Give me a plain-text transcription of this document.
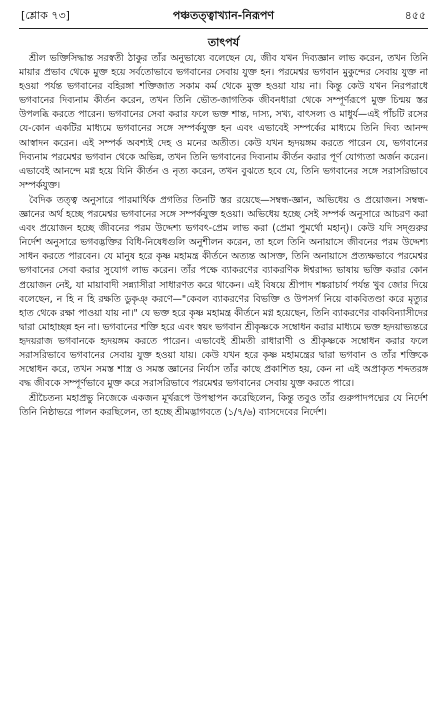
[শ্লোক ৭৩]	পঞ্চতত্ত্বাখ্যান-নিরূপণ	৪৫৫
তাৎপর্য

শ্রীল ভক্তিসিদ্ধান্ত সরস্বতী ঠাকুর তাঁর অনুভাষ্যে বলেছেন যে, জীব যখন দিব্যজ্ঞান লাভ করেন, তখন তিনি মায়ার প্রভাব থেকে মুক্ত হয়ে সর্বতোভাবে ভগবানের সেবায় যুক্ত হন। পরমেশ্বর ভগবান মুকুন্দের সেবায় যুক্ত না হওয়া পর্যন্ত ভগবানের বহিরঙ্গা শক্তিজাত সকাম কর্ম থেকে মুক্ত হওয়া যায় না। কিন্তু কেউ যখন নিরপরাধে ভগবানের দিব্যনাম কীর্তন করেন, তখন তিনি ভৌত-জাগতিক জীবনধারা থেকে সম্পূর্ণরূপে মুক্ত চিন্ময় স্তর উপলব্ধি করতে পারেন। ভগবানের সেবা করার ফলে ভক্ত শান্ত, দাস্য, সখ্য, বাৎসল্য ও মাধুর্য—এই পাঁচটি রসের যে-কোন একটির মাধ্যমে ভগবানের সঙ্গে সম্পর্কযুক্ত হন এবং এভাবেই সম্পর্কের মাধ্যমে তিনি দিব্য আনন্দ আস্বাদন করেন। এই সম্পর্ক অবশ্যই দেহ ও মনের অতীত। কেউ যখন হৃদয়ঙ্গম করতে পারেন যে, ভগবানের দিব্যনাম পরমেশ্বর ভগবান থেকে অভিন্ন, তখন তিনি ভগবানের দিব্যনাম কীর্তন করার পূর্ণ যোগ্যতা অর্জন করেন। এভাবেই আনন্দে মগ্ন হয়ে যিনি কীর্তন ও নৃত্য করেন, তখন বুঝতে হবে যে, তিনি ভগবানের সঙ্গে সরাসরিভাবে সম্পর্কযুক্ত।

বৈদিক তত্ত্ব অনুসারে পারমার্থিক প্রগতির তিনটি স্তর রয়েছে—সম্বন্ধ-জ্ঞান, অভিধেয় ও প্রয়োজন। সম্বন্ধ-জ্ঞানের অর্থ হচ্ছে পরমেশ্বর ভগবানের সঙ্গে সম্পর্কযুক্ত হওয়া। অভিধেয় হচ্ছে সেই সম্পর্ক অনুসারে আচরণ করা এবং প্রয়োজন হচ্ছে জীবনের পরম উদ্দেশ্য ভগবৎ-প্রেম লাভ করা (প্রেমা পুমর্থো মহান্)। কেউ যদি সদ্‌গুরুর নির্দেশ অনুসারে ভগবদ্ভক্তির বিধি-নিষেধগুলি অনুশীলন করেন, তা হলে তিনি অনায়াসে জীবনের পরম উদ্দেশ্য সাধন করতে পারবেন। যে মানুষ হরে কৃষ্ণ মহামন্ত্র কীর্তনে অত্যন্ত আসক্ত, তিনি অনায়াসে প্রত্যক্ষভাবে পরমেশ্বর ভগবানের সেবা করার সুযোগ লাভ করেন। তাঁর পক্ষে ব্যাকরণের ব্যাকরণিক ঈশ্বরাদ্দ্য ভাষায় ভক্তি করার কোন প্রয়োজন নেই, যা মায়াবাদী সন্ন্যাসীরা সাধারণত করে থাকেন। এই বিষয়ে শ্রীপাদ শঙ্করাচার্য পর্যন্ত খুব জোর দিয়ে বলেছেন, ন হি ন হি রক্ষতি ডুকৃঞ্ করণে—"কেবল ব্যাকরণের বিভক্তি ও উপসর্গ নিয়ে বাকবিতণ্ডা করে মৃত্যুর হাত থেকে রক্ষা পাওয়া যায় না।" যে ভক্ত হরে কৃষ্ণ মহামন্ত্র কীর্তনে মগ্ন হয়েছেন, তিনি ব্যাকরণের বাকবিন্যাসীদের দ্বারা মোহাচ্ছন্ন হন না। ভগবানের শক্তি হরে এবং স্বয়ং ভগবান শ্রীকৃষ্ণকে সম্বোধন করার মাধ্যমে ভক্ত হৃদয়াভ্যন্তরে হৃদয়রাজ ভগবানকে হৃদয়ঙ্গম করতে পারেন। এভাবেই শ্রীমতী রাধারাণী ও শ্রীকৃষ্ণকে সম্বোধন করার ফলে সরাসরিভাবে ভগবানের সেবায় যুক্ত হওয়া যায়। কেউ যখন হরে কৃষ্ণ মহামন্ত্রের দ্বারা ভগবান ও তাঁর শক্তিকে সম্বোধন করে, তখন সমস্ত শাস্ত্র ও সমস্ত জ্ঞানের নির্যাস তাঁর কাছে প্রকাশিত হয়, কেন না এই অপ্রাকৃত শব্দতরঙ্গ বদ্ধ জীবকে সম্পূর্ণভাবে মুক্ত করে সরাসরিভাবে পরমেশ্বর ভগবানের সেবায় যুক্ত করতে পারে।

শ্রীচৈতন্য মহাপ্রভু নিজেকে একজন মূর্খরূপে উপস্থাপন করেছিলেন, কিন্তু তবুও তাঁর গুরুপাদপদ্মের যে নির্দেশ তিনি নিষ্ঠাভরে পালন করছিলেন, তা হচ্ছে শ্রীমদ্ভাগবতে (১/৭/৬) ব্যাসদেবের নির্দেশ।
